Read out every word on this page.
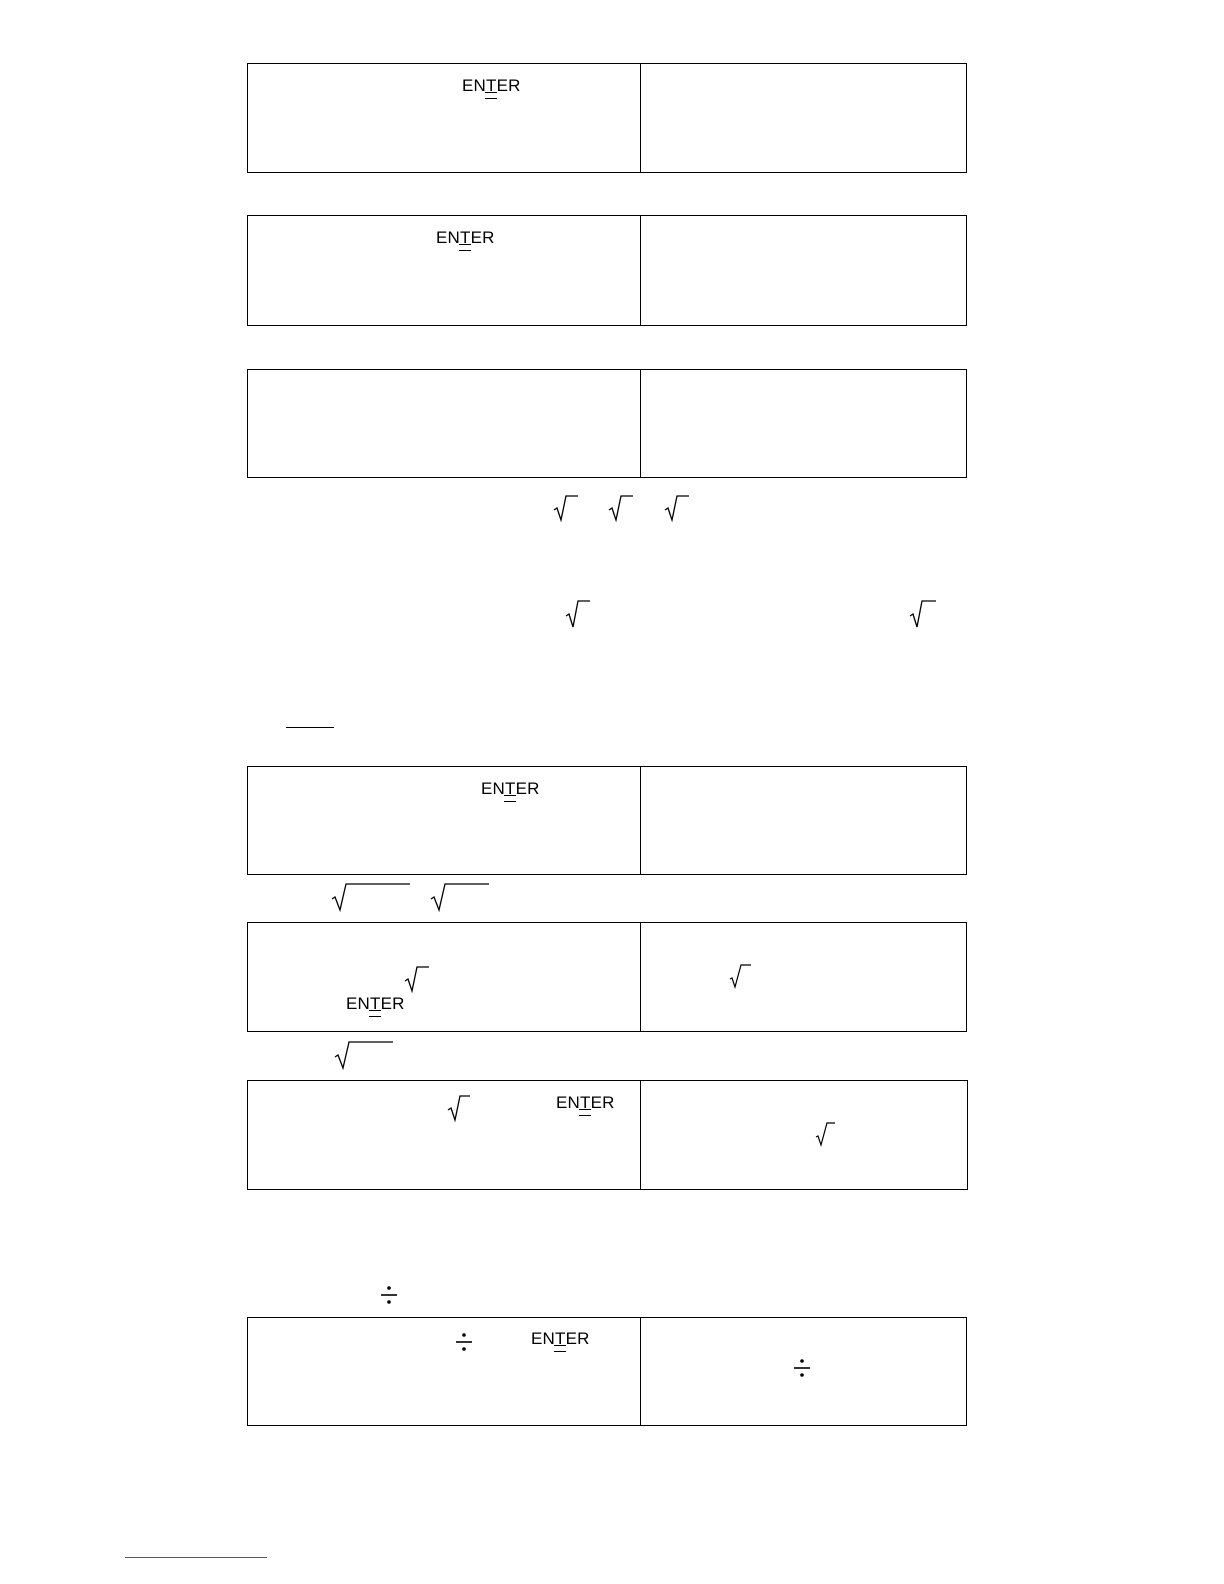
ENTER
ENTER
ENTER
ENTER
ENTER
ENTER
